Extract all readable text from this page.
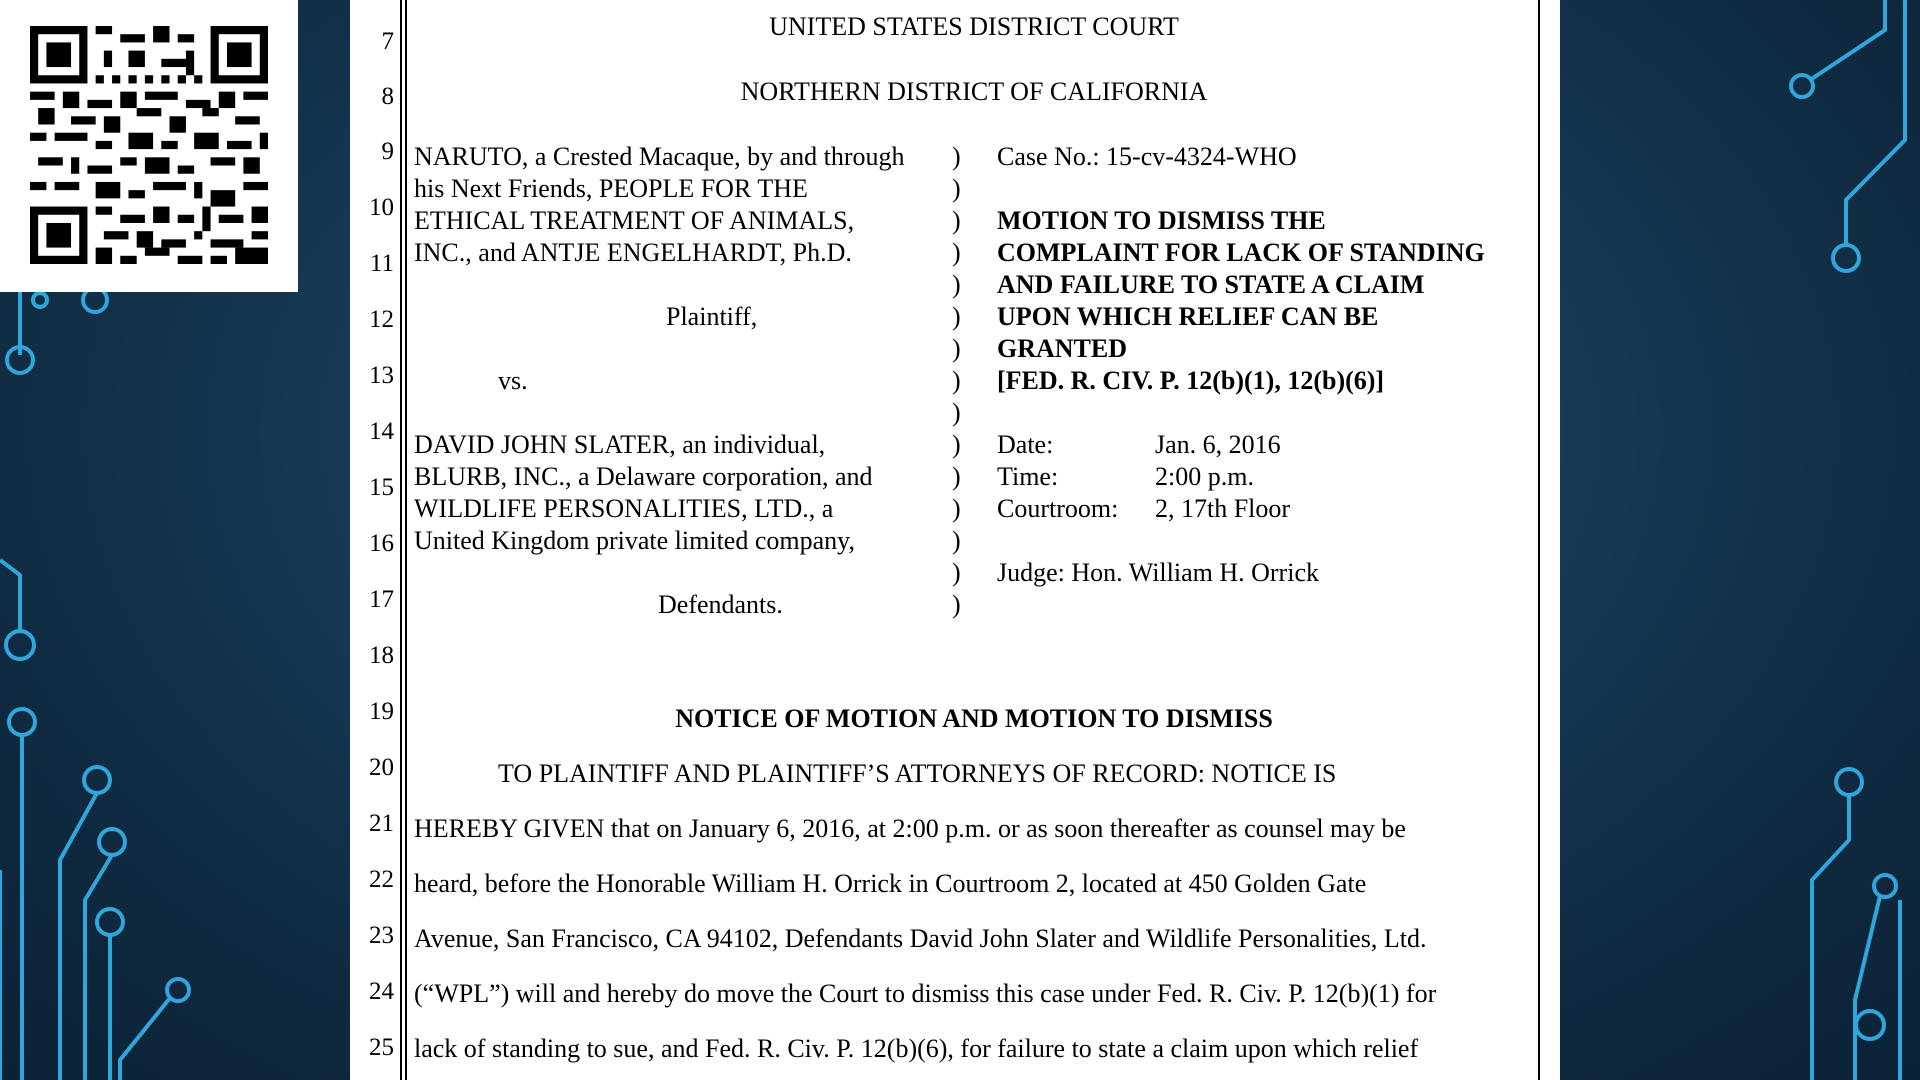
7
8
9
10
11
12
13
14
15
16
17
18
19
20
21
22
23
24
25
UNITED STATES DISTRICT COURT
NORTHERN DISTRICT OF CALIFORNIA
NARUTO, a Crested Macaque, by and through
his Next Friends, PEOPLE FOR THE
ETHICAL TREATMENT OF ANIMALS,
INC., and ANTJE ENGELHARDT, Ph.D.
Plaintiff,
vs.
DAVID JOHN SLATER, an individual,
BLURB, INC., a Delaware corporation, and
WILDLIFE PERSONALITIES, LTD., a
United Kingdom private limited company,
Defendants.
)
)
)
)
)
)
)
)
)
)
)
)
)
)
)
Case No.: 15-cv-4324-WHO
MOTION TO DISMISS THE
COMPLAINT FOR LACK OF STANDING
AND FAILURE TO STATE A CLAIM
UPON WHICH RELIEF CAN BE
GRANTED
[FED. R. CIV. P. 12(b)(1), 12(b)(6)]
Date:	Jan. 6, 2016
Time:	2:00 p.m.
Courtroom: 2, 17th Floor
Judge: Hon. William H. Orrick
NOTICE OF MOTION AND MOTION TO DISMISS
TO PLAINTIFF AND PLAINTIFF’S ATTORNEYS OF RECORD: NOTICE IS
HEREBY GIVEN that on January 6, 2016, at 2:00 p.m. or as soon thereafter as counsel may be
heard, before the Honorable William H. Orrick in Courtroom 2, located at 450 Golden Gate
Avenue, San Francisco, CA 94102, Defendants David John Slater and Wildlife Personalities, Ltd.
(“WPL”) will and hereby do move the Court to dismiss this case under Fed. R. Civ. P. 12(b)(1) for
lack of standing to sue, and Fed. R. Civ. P. 12(b)(6), for failure to state a claim upon which relief
